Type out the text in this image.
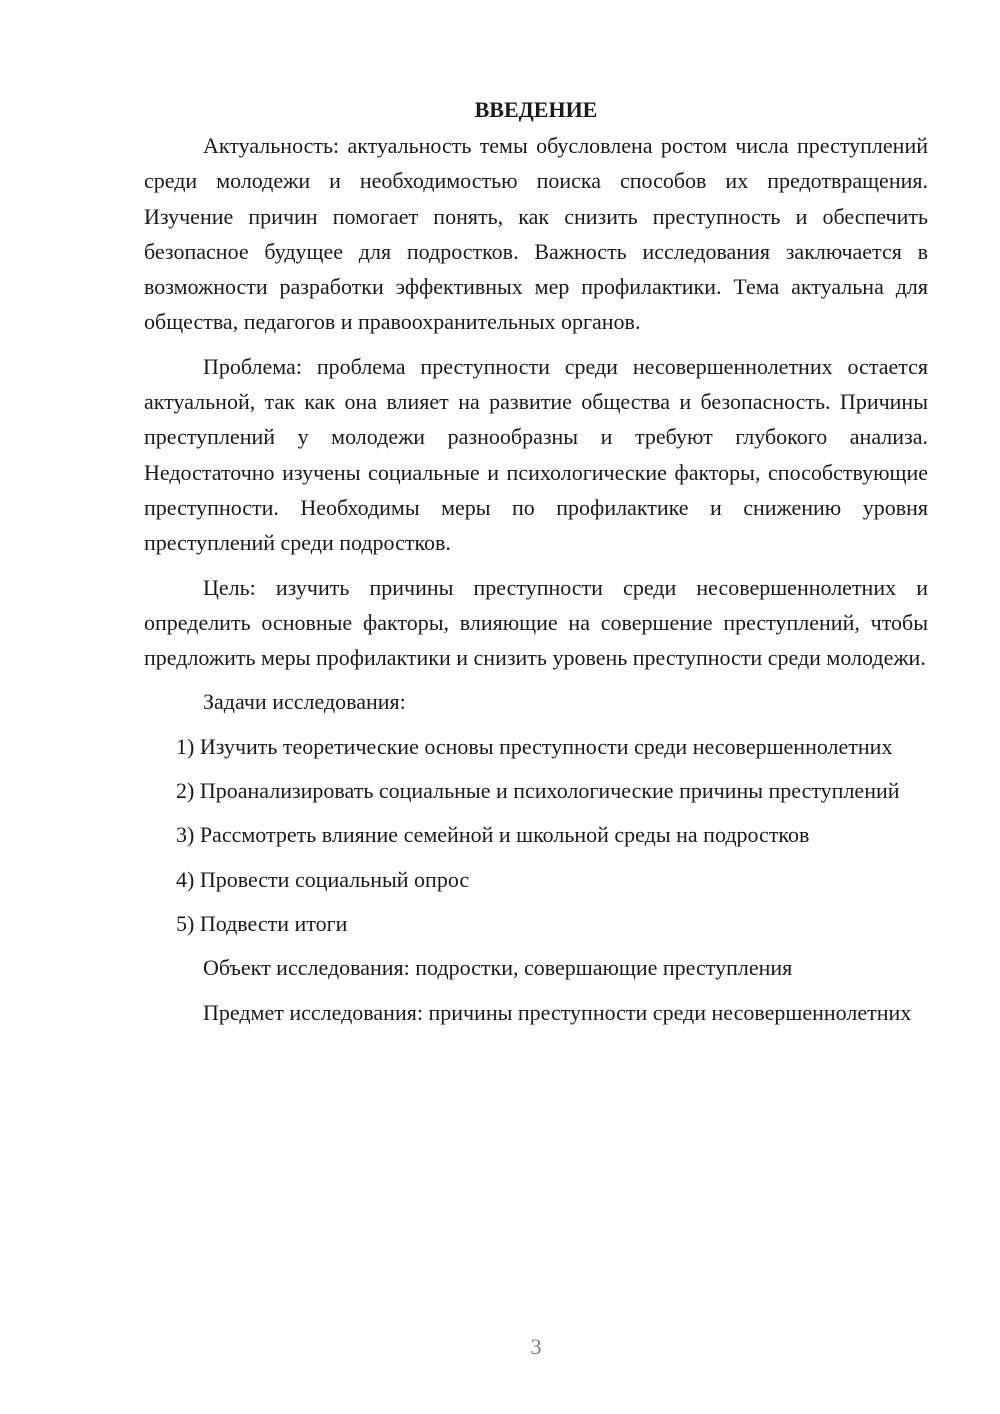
ВВЕДЕНИЕ

Актуальность: актуальность темы обусловлена ростом числа преступлений среди молодежи и необходимостью поиска способов их предотвращения. Изучение причин помогает понять, как снизить преступность и обеспечить безопасное будущее для подростков. Важность исследования заключается в возможности разработки эффективных мер профилактики. Тема актуальна для общества, педагогов и правоохранительных органов.

Проблема: проблема преступности среди несовершеннолетних остается актуальной, так как она влияет на развитие общества и безопасность. Причины преступлений у молодежи разнообразны и требуют глубокого анализа. Недостаточно изучены социальные и психологические факторы, способствующие преступности. Необходимы меры по профилактике и снижению уровня преступлений среди подростков.

Цель: изучить причины преступности среди несовершеннолетних и определить основные факторы, влияющие на совершение преступлений, чтобы предложить меры профилактики и снизить уровень преступности среди молодежи.

Задачи исследования:

1) Изучить теоретические основы преступности среди несовершеннолетних

2) Проанализировать социальные и психологические причины преступлений

3) Рассмотреть влияние семейной и школьной среды на подростков

4) Провести социальный опрос

5) Подвести итоги

Объект исследования: подростки, совершающие преступления

Предмет исследования: причины преступности среди несовершеннолетних

3
